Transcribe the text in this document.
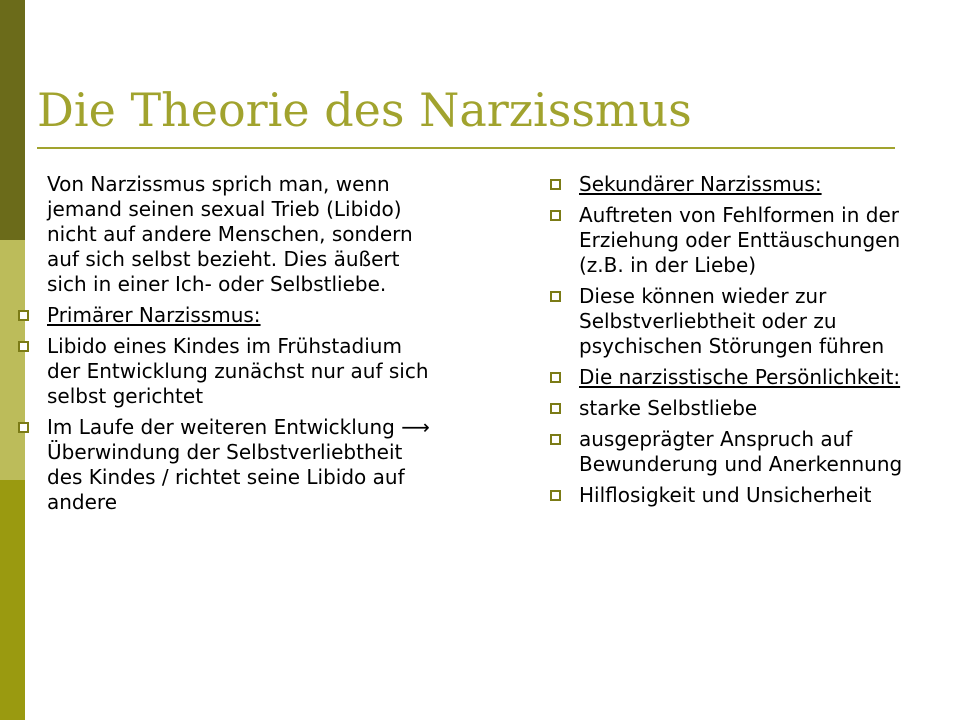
Die Theorie des Narzissmus
Von Narzissmus sprich man, wenn jemand seinen sexual Trieb (Libido) nicht auf andere Menschen, sondern auf sich selbst bezieht. Dies äußert sich in einer Ich- oder Selbstliebe.
Primärer Narzissmus:
Libido eines Kindes im Frühstadium der Entwicklung zunächst nur auf sich selbst gerichtet
Im Laufe der weiteren Entwicklung ⟶ Überwindung der Selbstverliebtheit des Kindes / richtet seine Libido auf andere
Sekundärer Narzissmus:
Auftreten von Fehlformen in der Erziehung oder Enttäuschungen (z.B. in der Liebe)
Diese können wieder zur Selbstverliebtheit oder zu psychischen Störungen führen
Die narzisstische Persönlichkeit:
starke Selbstliebe
ausgeprägter Anspruch auf Bewunderung und Anerkennung
Hilflosigkeit und Unsicherheit
